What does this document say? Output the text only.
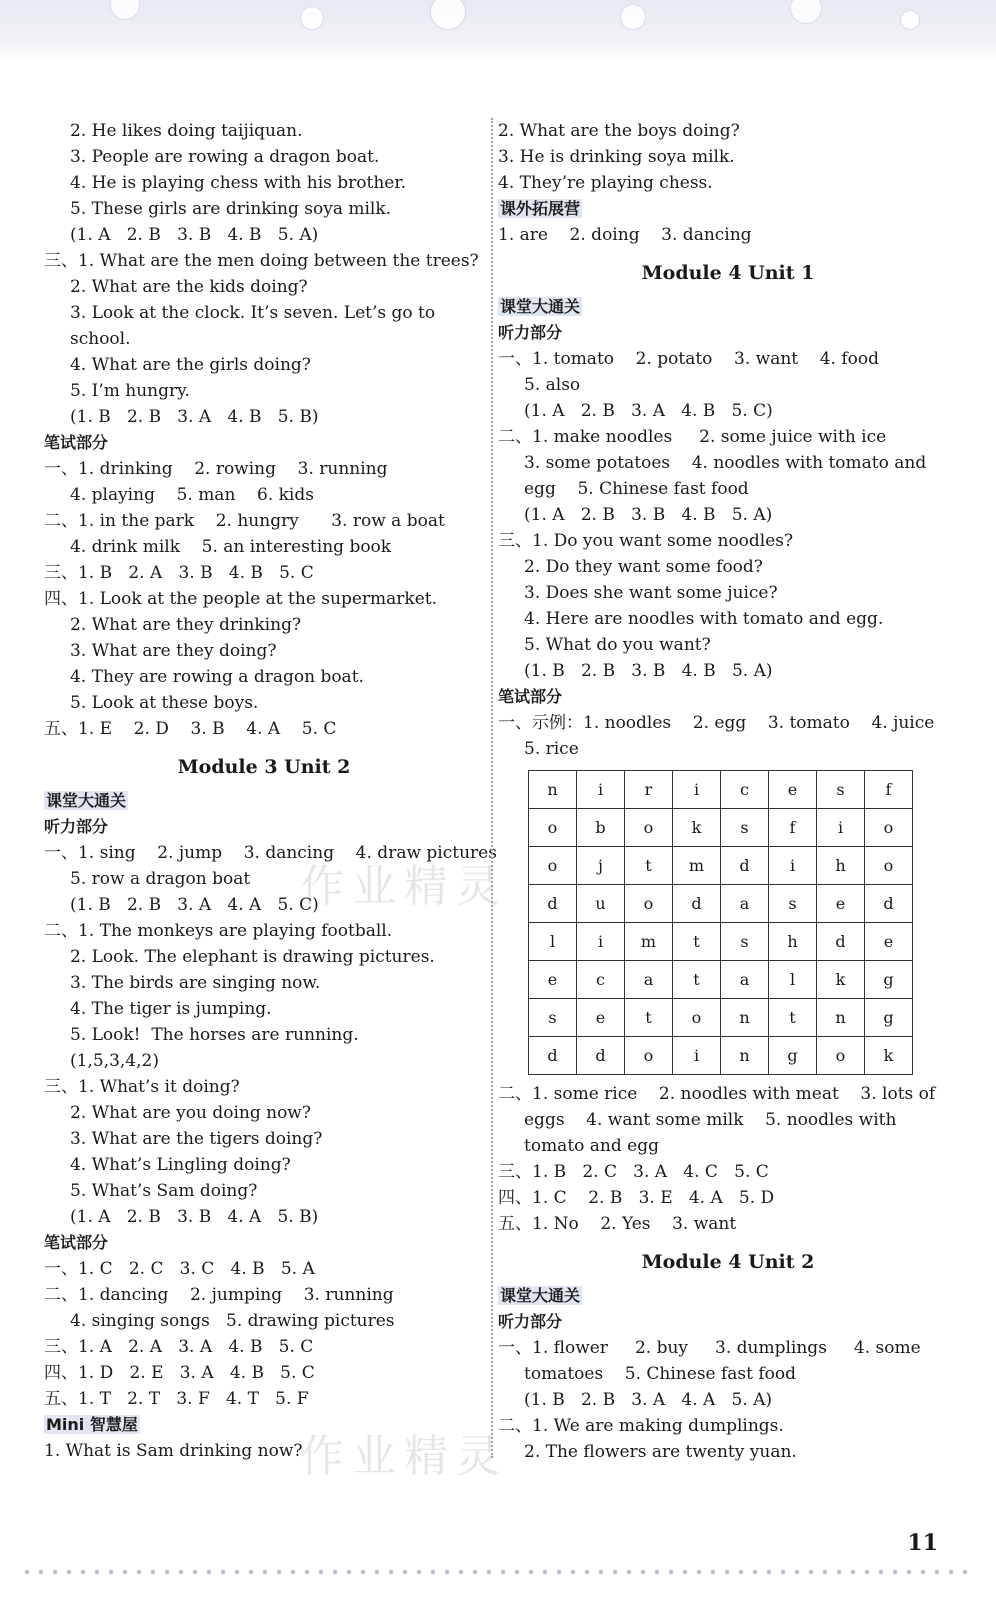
2. He likes doing taijiquan.
3. People are rowing a dragon boat.
4. He is playing chess with his brother.
5. These girls are drinking soya milk.
(1. A   2. B   3. B   4. B   5. A)
三、1. What are the men doing between the trees?
2. What are the kids doing?
3. Look at the clock. It’s seven. Let’s go to
school.
4. What are the girls doing?
5. I’m hungry.
(1. B   2. B   3. A   4. B   5. B)
笔试部分
一、1. drinking    2. rowing    3. running
4. playing    5. man    6. kids
二、1. in the park    2. hungry      3. row a boat
4. drink milk    5. an interesting book
三、1. B   2. A   3. B   4. B   5. C
四、1. Look at the people at the supermarket.
2. What are they drinking?
3. What are they doing?
4. They are rowing a dragon boat.
5. Look at these boys.
五、1. E    2. D    3. B    4. A    5. C
Module 3 Unit 2
课堂大通关
听力部分
一、1. sing    2. jump    3. dancing    4. draw pictures
5. row a dragon boat
(1. B   2. B   3. A   4. A   5. C)
二、1. The monkeys are playing football.
2. Look. The elephant is drawing pictures.
3. The birds are singing now.
4. The tiger is jumping.
5. Look!  The horses are running.
(1,5,3,4,2)
三、1. What’s it doing?
2. What are you doing now?
3. What are the tigers doing?
4. What’s Lingling doing?
5. What’s Sam doing?
(1. A   2. B   3. B   4. A   5. B)
笔试部分
一、1. C   2. C   3. C   4. B   5. A
二、1. dancing    2. jumping    3. running
4. singing songs   5. drawing pictures
三、1. A   2. A   3. A   4. B   5. C
四、1. D   2. E   3. A   4. B   5. C
五、1. T   2. T   3. F   4. T   5. F
Mini 智慧屋
1. What is Sam drinking now?
2. What are the boys doing?
3. He is drinking soya milk.
4. They’re playing chess.
课外拓展营
1. are    2. doing    3. dancing
Module 4 Unit 1
课堂大通关
听力部分
一、1. tomato    2. potato    3. want    4. food
5. also
(1. A   2. B   3. A   4. B   5. C)
二、1. make noodles     2. some juice with ice
3. some potatoes    4. noodles with tomato and
egg    5. Chinese fast food
(1. A   2. B   3. B   4. B   5. A)
三、1. Do you want some noodles?
2. Do they want some food?
3. Does she want some juice?
4. Here are noodles with tomato and egg.
5. What do you want?
(1. B   2. B   3. B   4. B   5. A)
笔试部分
一、示例：1. noodles    2. egg    3. tomato    4. juice
5. rice
n	i	r	i	c	e	s	f
o	b	o	k	s	f	i	o
o	j	t	m	d	i	h	o
d	u	o	d	a	s	e	d
l	i	m	t	s	h	d	e
e	c	a	t	a	l	k	g
s	e	t	o	n	t	n	g
d	d	o	i	n	g	o	k
二、1. some rice    2. noodles with meat    3. lots of
eggs    4. want some milk    5. noodles with
tomato and egg
三、1. B   2. C   3. A   4. C   5. C
四、1. C    2. B   3. E   4. A   5. D
五、1. No    2. Yes    3. want
Module 4 Unit 2
课堂大通关
听力部分
一、1. flower     2. buy     3. dumplings     4. some
tomatoes    5. Chinese fast food
(1. B   2. B   3. A   4. A   5. A)
二、1. We are making dumplings.
2. The flowers are twenty yuan.
作业精灵
作业精灵
11
